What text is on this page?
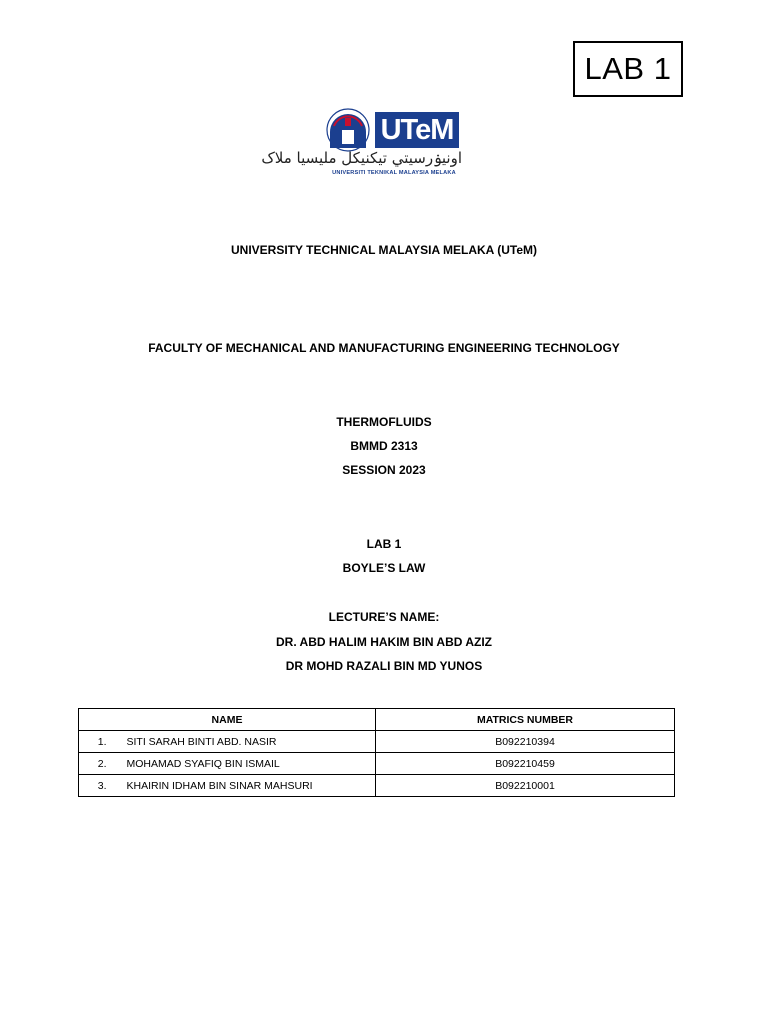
LAB 1
UTeM
اونيۏرسيتي تيكنيکل مليسيا ملاک
UNIVERSITI TEKNIKAL MALAYSIA MELAKA
UNIVERSITY TECHNICAL MALAYSIA MELAKA (UTeM)
FACULTY OF MECHANICAL AND MANUFACTURING ENGINEERING TECHNOLOGY
THERMOFLUIDS
BMMD 2313
SESSION 2023
LAB 1
BOYLE’S LAW
LECTURE’S NAME:
DR. ABD HALIM HAKIM BIN ABD AZIZ
DR MOHD RAZALI BIN MD YUNOS
NAME		MATRICS NUMBER
1.	SITI SARAH BINTI ABD. NASIR	B092210394
2.	MOHAMAD SYAFIQ BIN ISMAIL	B092210459
3.	KHAIRIN IDHAM BIN SINAR MAHSURI	B092210001
